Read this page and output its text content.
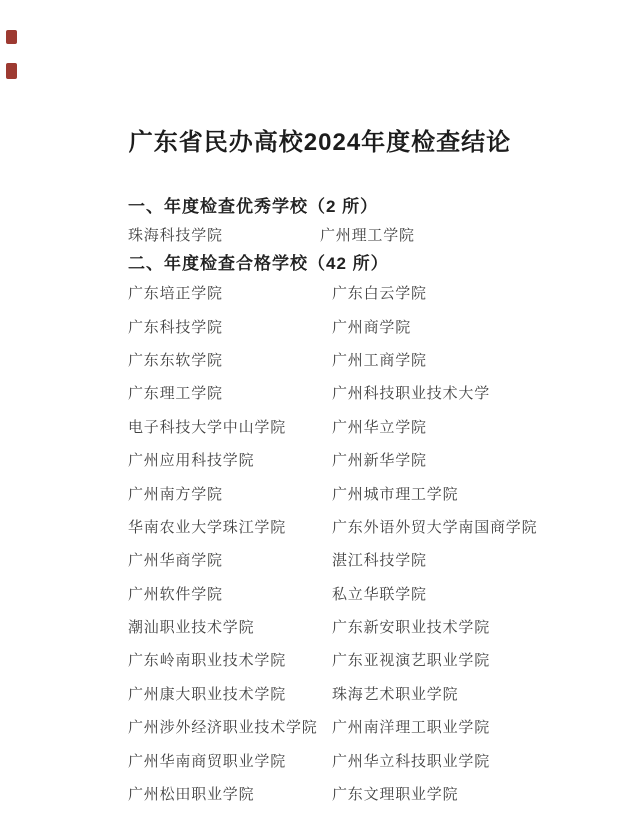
广东省民办高校2024年度检查结论
一、年度检查优秀学校（2 所）
珠海科技学院	广州理工学院
二、年度检查合格学校（42 所）
广东培正学院	广东白云学院
广东科技学院	广州商学院
广东东软学院	广州工商学院
广东理工学院	广州科技职业技术大学
电子科技大学中山学院	广州华立学院
广州应用科技学院	广州新华学院
广州南方学院	广州城市理工学院
华南农业大学珠江学院	广东外语外贸大学南国商学院
广州华商学院	湛江科技学院
广州软件学院	私立华联学院
潮汕职业技术学院	广东新安职业技术学院
广东岭南职业技术学院	广东亚视演艺职业学院
广州康大职业技术学院	珠海艺术职业学院
广州涉外经济职业技术学院 广州南洋理工职业学院
广州华南商贸职业学院	广州华立科技职业学院
广州松田职业学院	广东文理职业学院
